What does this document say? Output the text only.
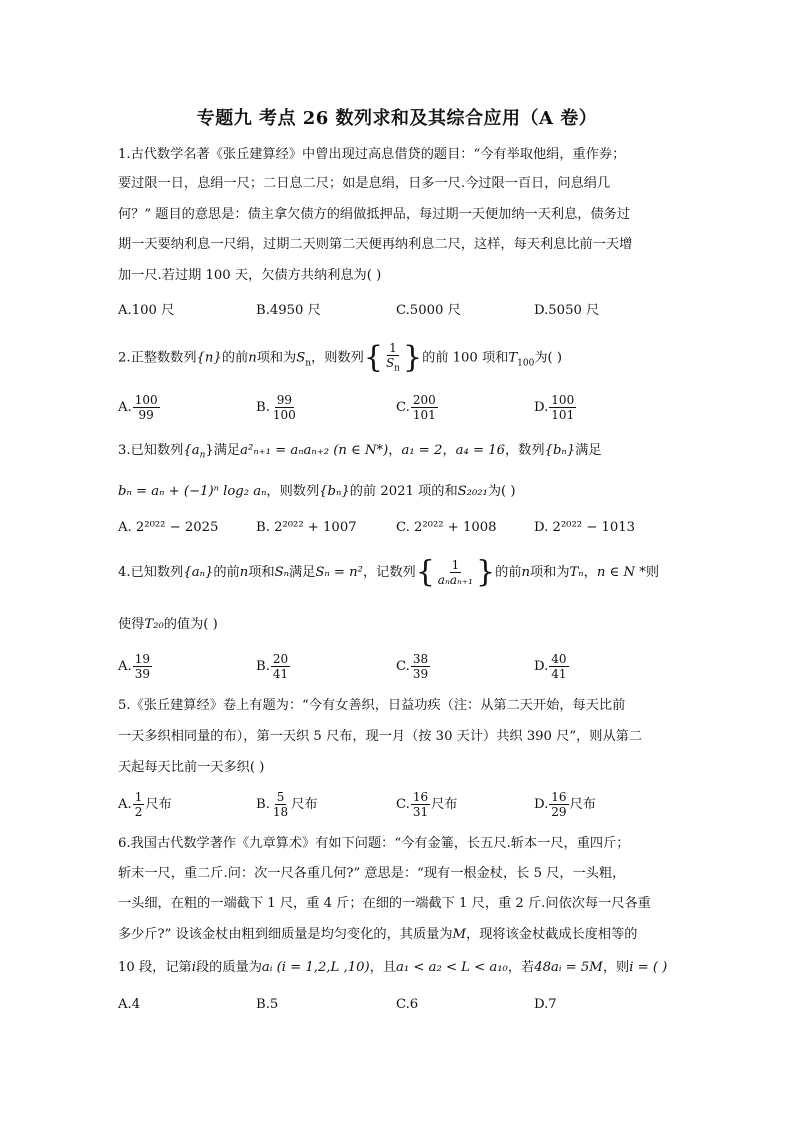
专题九 考点 26 数列求和及其综合应用（A 卷）
1.古代数学名著《张丘建算经》中曾出现过高息借贷的题目：“今有举取他绢，重作券；
要过限一日，息绢一尺；二日息二尺；如是息绢，日多一尺.今过限一百日，问息绢几
何？” 题目的意思是：债主拿欠债方的绢做抵押品，每过期一天便加纳一天利息，债务过
期一天要纳利息一尺绢，过期二天则第二天便再纳利息二尺，这样，每天利息比前一天增
加一尺.若过期 100 天，欠债方共纳利息为( )
A.100 尺	B.4950 尺	C.5000 尺	D.5050 尺
2.正整数数列{n}的前n项和为$S_n$，则数列{ $\frac{1}{S_n}$ }的前 100 项和$T_{100}$为( )
A. $\frac{100}{99}$	B. $\frac{99}{100}$	C. $\frac{200}{101}$	D. $\frac{100}{101}$
3.已知数列$\{a_n\}$满足a²ₙ₊₁ = aₙaₙ₊₂ (n ∈ N*)，a₁ = 2，a₄ = 16，数列{bₙ}满足
bₙ = aₙ + (−1)ⁿ log₂ aₙ，则数列{bₙ}的前 2021 项的和S₂₀₂₁为( )
A. 2²⁰²² − 2025	B. 2²⁰²² + 1007	C. 2²⁰²² + 1008	D. 2²⁰²² − 1013
4.已知数列{aₙ}的前n项和Sₙ满足Sₙ = n²，记数列{ $\frac{1}{\text{aₙaₙ₊₁}}$ }的前n项和为Tₙ，n ∈ N *则
使得T₂₀的值为( )
A. $\frac{19}{39}$	B. $\frac{20}{41}$	C. $\frac{38}{39}$	D. $\frac{40}{41}$
5.《张丘建算经》卷上有题为：“今有女善织，日益功疾（注：从第二天开始，每天比前
一天多织相同量的布），第一天织 5 尺布，现一月（按 30 天计）共织 390 尺”，则从第二
天起每天比前一天多织( )
A. $\frac{1}{2}$ 尺布	B. $\frac{5}{18}$ 尺布	C. $\frac{16}{31}$ 尺布	D. $\frac{16}{29}$ 尺布
6.我国古代数学著作《九章算术》有如下问题：“今有金箠，长五尺.斩本一尺，重四斤；
斩末一尺，重二斤.问：次一尺各重几何?” 意思是：“现有一根金杖，长 5 尺，一头粗，
一头细，在粗的一端截下 1 尺，重 4 斤；在细的一端截下 1 尺，重 2 斤.问依次每一尺各重
多少斤?” 设该金杖由粗到细质量是均匀变化的，其质量为M，现将该金杖截成长度相等的
10 段，记第i段的质量为aᵢ (i = 1,2,L ,10)，且a₁ < a₂ < L < a₁₀，若48aᵢ = 5M，则i = ( )
A.4	B.5	C.6	D.7
